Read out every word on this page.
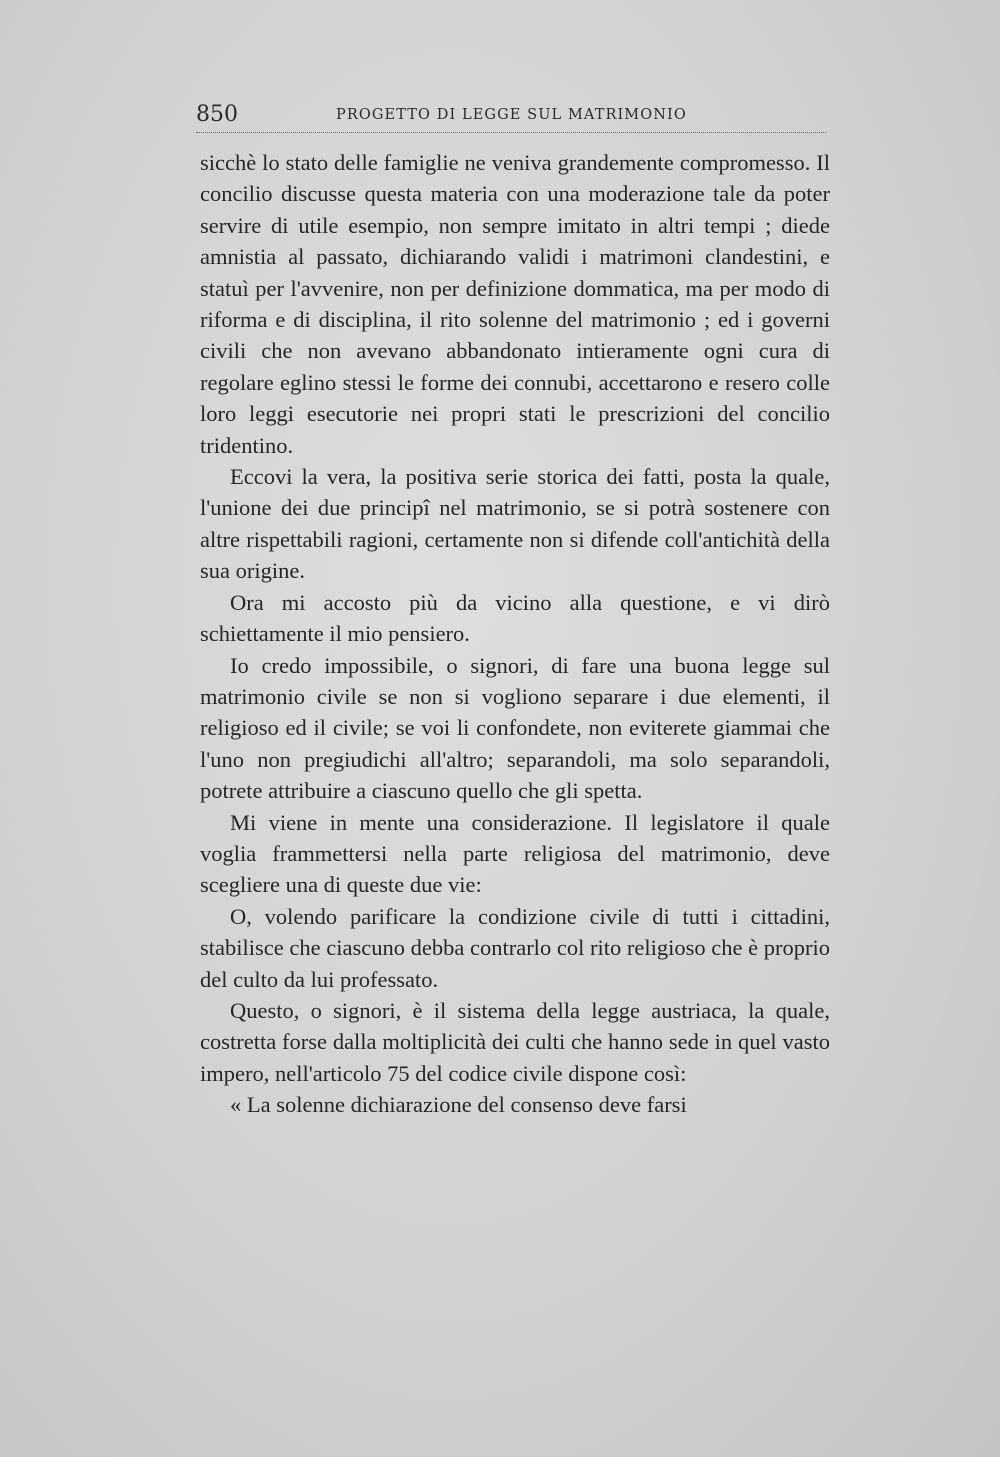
850	PROGETTO DI LEGGE SUL MATRIMONIO

sicchè lo stato delle famiglie ne veniva grandemente compromesso. Il concilio discusse questa materia con una moderazione tale da poter servire di utile esempio, non sempre imitato in altri tempi ; diede amnistia al passato, dichiarando validi i matrimoni clandestini, e statuì per l'avvenire, non per definizione dommatica, ma per modo di riforma e di disciplina, il rito solenne del matrimonio ; ed i governi civili che non avevano abbandonato intieramente ogni cura di regolare eglino stessi le forme dei connubi, accettarono e resero colle loro leggi esecutorie nei propri stati le prescrizioni del concilio tridentino.

Eccovi la vera, la positiva serie storica dei fatti, posta la quale, l'unione dei due principî nel matrimonio, se si potrà sostenere con altre rispettabili ragioni, certamente non si difende coll'antichità della sua origine.

Ora mi accosto più da vicino alla questione, e vi dirò schiettamente il mio pensiero.

Io credo impossibile, o signori, di fare una buona legge sul matrimonio civile se non si vogliono separare i due elementi, il religioso ed il civile; se voi li confondete, non eviterete giammai che l'uno non pregiudichi all'altro; separandoli, ma solo separandoli, potrete attribuire a ciascuno quello che gli spetta.

Mi viene in mente una considerazione. Il legislatore il quale voglia frammettersi nella parte religiosa del matrimonio, deve scegliere una di queste due vie:

O, volendo parificare la condizione civile di tutti i cittadini, stabilisce che ciascuno debba contrarlo col rito religioso che è proprio del culto da lui professato.

Questo, o signori, è il sistema della legge austriaca, la quale, costretta forse dalla moltiplicità dei culti che hanno sede in quel vasto impero, nell'articolo 75 del codice civile dispone così:

« La solenne dichiarazione del consenso deve farsi
